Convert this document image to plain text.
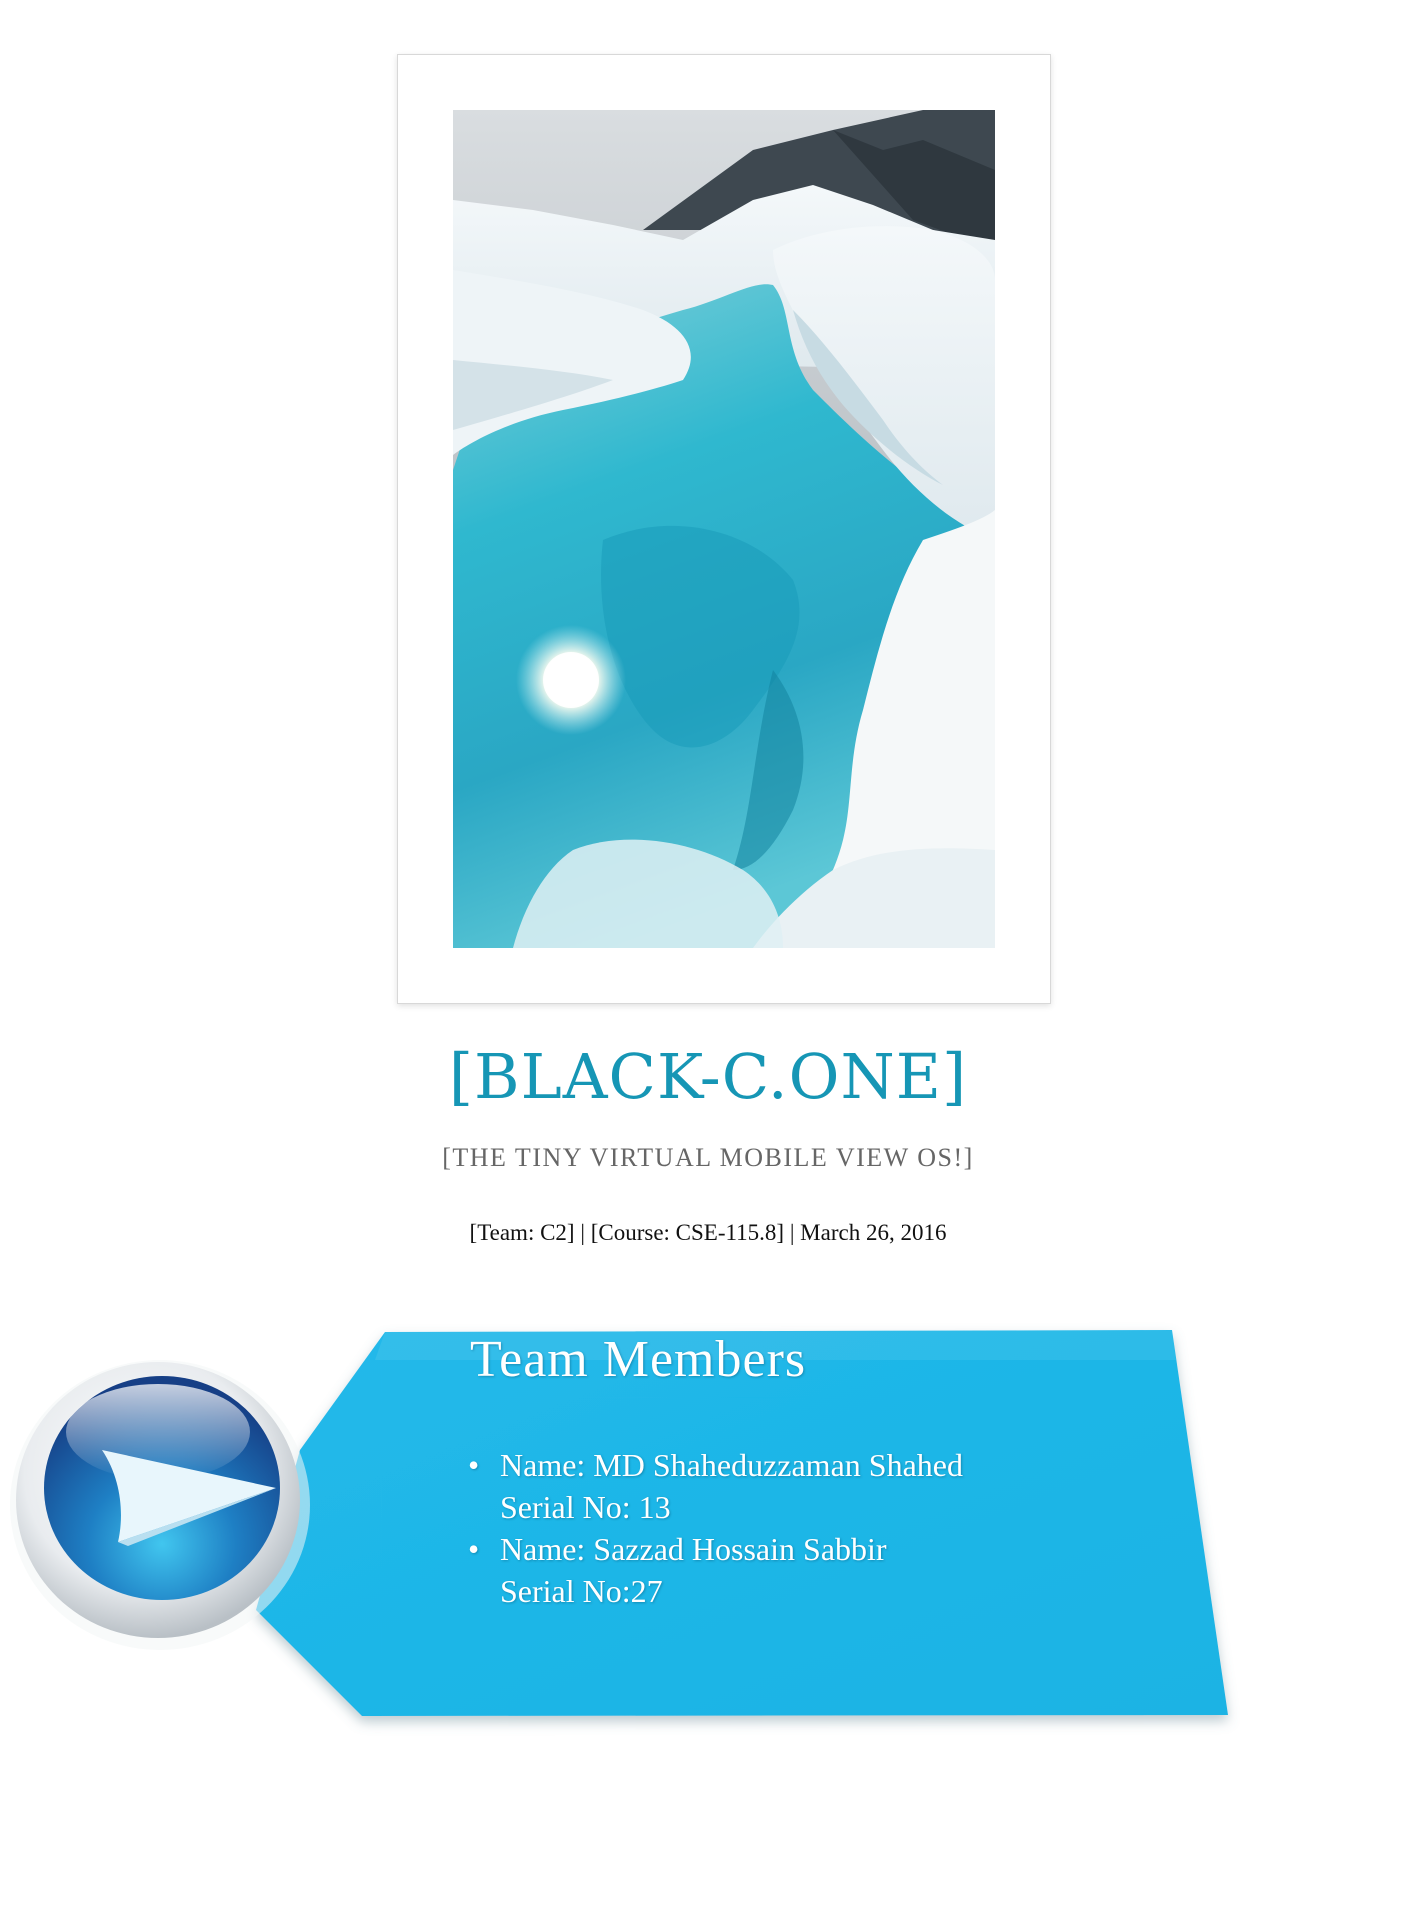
[BLACK-C.ONE]
[THE TINY VIRTUAL MOBILE VIEW OS!]
[Team: C2] | [Course: CSE-115.8] | March 26, 2016
Team Members
• Name: MD Shaheduzzaman Shahed
Serial No: 13
• Name: Sazzad Hossain Sabbir
Serial No:27
